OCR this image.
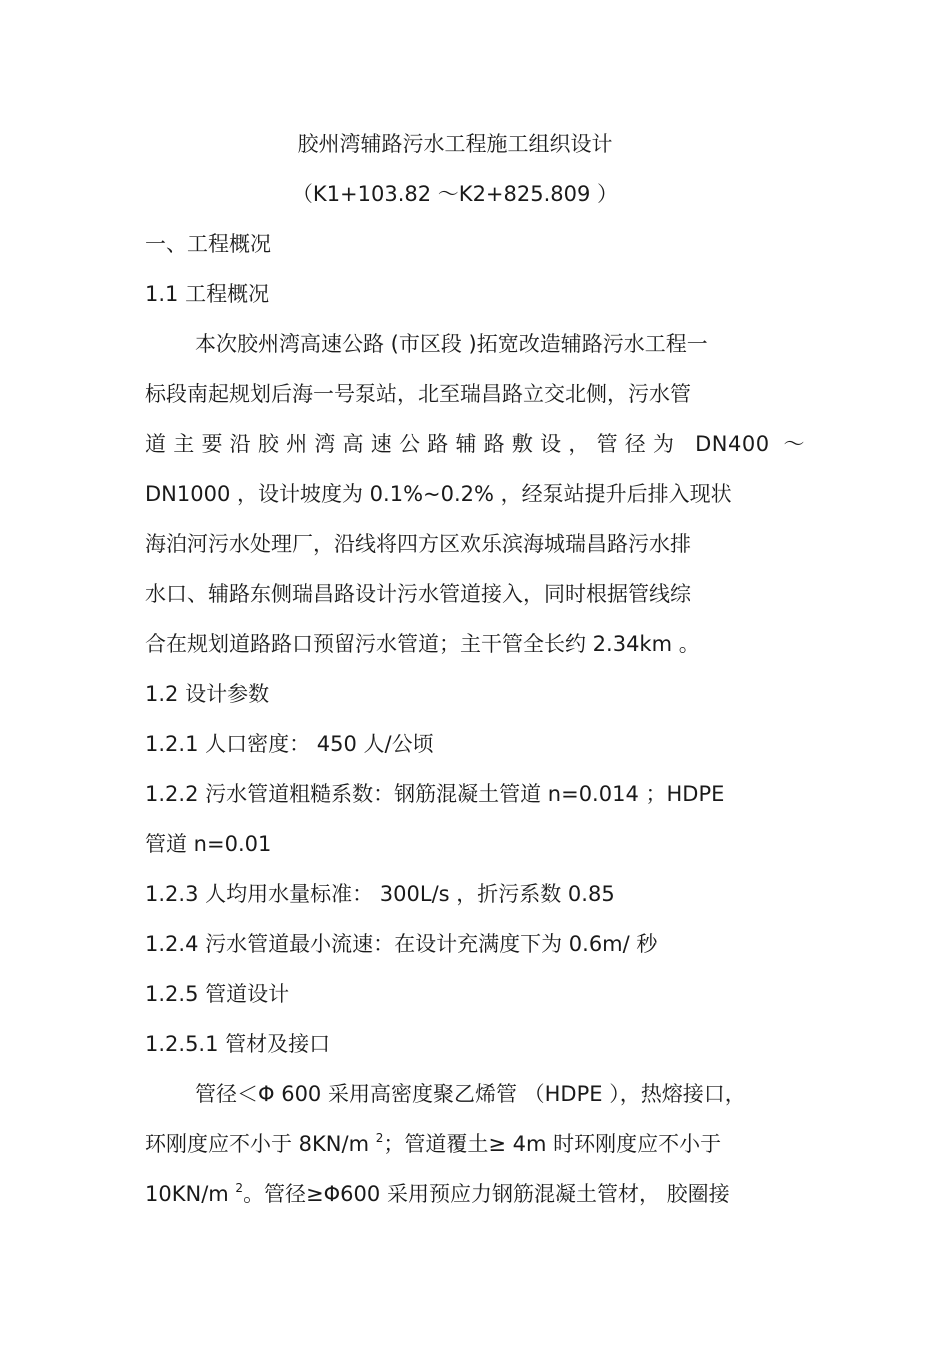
胶州湾辅路污水工程施工组织设计
（K1+103.82 ～K2+825.809 ）
一、工程概况
1.1 工程概况
本次胶州湾高速公路 (市区段 )拓宽改造辅路污水工程一
标段南起规划后海一号泵站，北至瑞昌路立交北侧，污水管
道主要沿胶州湾高速公路辅路敷设，管径为 DN400 ～
DN1000 ，设计坡度为 0.1%~0.2% ，经泵站提升后排入现状
海泊河污水处理厂，沿线将四方区欢乐滨海城瑞昌路污水排
水口、辅路东侧瑞昌路设计污水管道接入，同时根据管线综
合在规划道路路口预留污水管道；主干管全长约 2.34km 。
1.2 设计参数
1.2.1 人口密度： 450 人/公顷
1.2.2 污水管道粗糙系数：钢筋混凝土管道 n=0.014 ；HDPE
管道 n=0.01
1.2.3 人均用水量标准： 300L/s ，折污系数 0.85
1.2.4 污水管道最小流速：在设计充满度下为 0.6m/ 秒
1.2.5 管道设计
1.2.5.1 管材及接口
管径＜Φ 600 采用高密度聚乙烯管 （HDPE ），热熔接口，
环刚度应不小于 8KN/m $^2$；管道覆土≥ 4m 时环刚度应不小于
10KN/m $^2$。管径≥Φ600 采用预应力钢筋混凝土管材， 胶圈接
